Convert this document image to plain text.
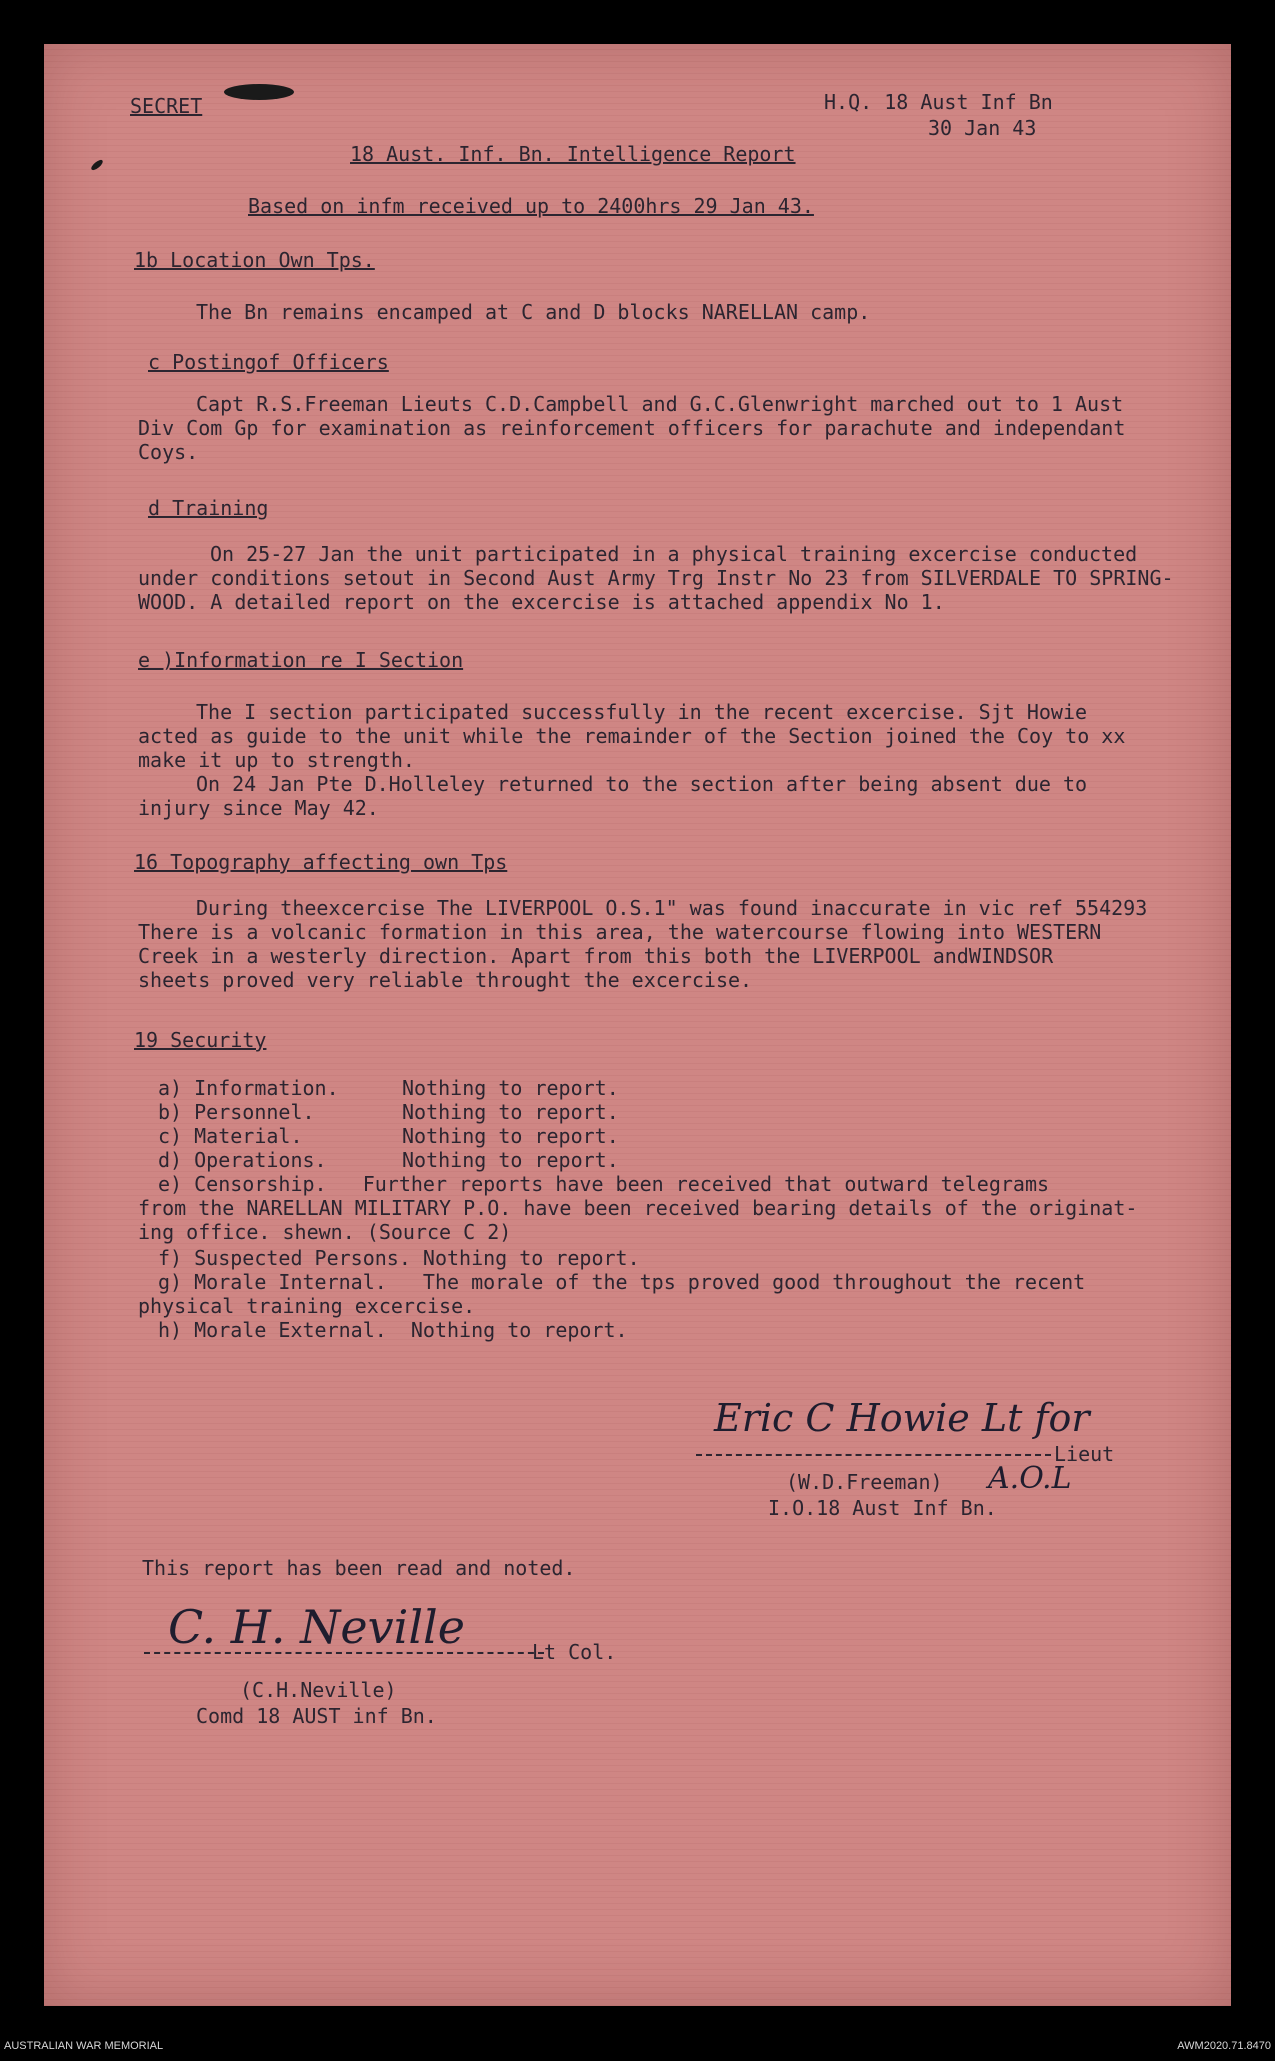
SECRET	H.Q. 18 Aust Inf Bn
30 Jan 43
18 Aust. Inf. Bn. Intelligence Report
Based on infm received up to 2400hrs 29 Jan 43.
1b Location Own Tps.
The Bn remains encamped at C and D blocks NARELLAN camp.
c Postingof Officers
Capt R.S.Freeman Lieuts C.D.Campbell and G.C.Glenwright marched out to 1 Aust
Div Com Gp for examination as reinforcement officers for parachute and independant
Coys.
d Training
On 25-27 Jan the unit participated in a physical training excercise conducted
under conditions setout in Second Aust Army Trg Instr No 23 from SILVERDALE TO SPRING-
WOOD. A detailed report on the excercise is attached appendix No 1.
e )Information re I Section
The I section participated successfully in the recent excercise. Sjt Howie
acted as guide to the unit while the remainder of the Section joined the Coy to xx
make it up to strength.
On 24 Jan Pte D.Holleley returned to the section after being absent due to
injury since May 42.
16 Topography affecting own Tps
During theexcercise The LIVERPOOL O.S.1" was found inaccurate in vic ref 554293
There is a volcanic formation in this area, the watercourse flowing into WESTERN
Creek in a westerly direction. Apart from this both the LIVERPOOL andWINDSOR
sheets proved very reliable throught the excercise.
19 Security
a) Information.	Nothing to report.
b) Personnel.	Nothing to report.
c) Material.	Nothing to report.
d) Operations.	Nothing to report.
e) Censorship.   Further reports have been received that outward telegrams
from the NARELLAN MILITARY P.O. have been received bearing details of the originat-
ing office. shewn. (Source C 2)
f) Suspected Persons. Nothing to report.
g) Morale Internal.   The morale of the tps proved good throughout the recent
physical training excercise.
h) Morale External.  Nothing to report.
Eric C Howie Lt for
Lieut
(W.D.Freeman) A.O.L
I.O.18 Aust Inf Bn.
This report has been read and noted.
C. H. Neville	Lt Col.
(C.H.Neville)
Comd 18 AUST inf Bn.
AUSTRALIAN WAR MEMORIAL	AWM2020.71.8470
